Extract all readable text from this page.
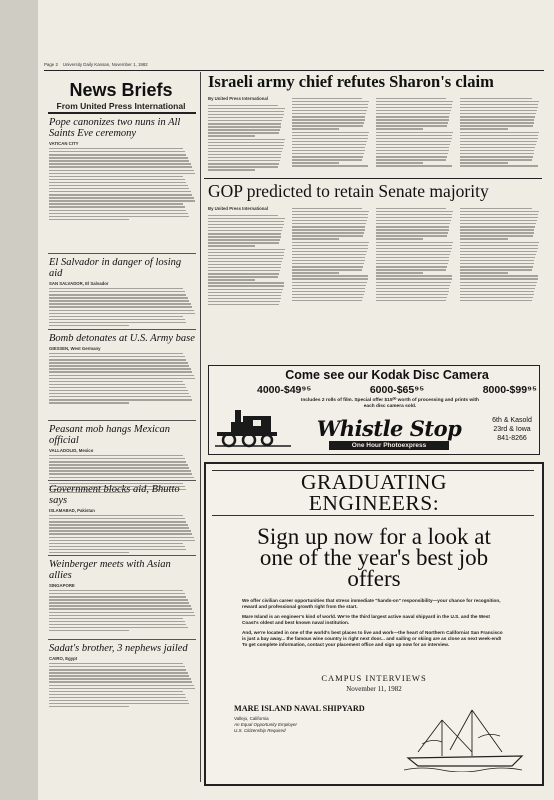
Page 2 University Daily Kansan, November 1, 1982
News Briefs
From United Press International
Pope canonizes two nuns in All Saints Eve ceremony
VATICAN CITY
El Salvador in danger of losing aid
SAN SALVADOR, El Salvador
Bomb detonates at U.S. Army base
GIESSEN, West Germany
Peasant mob hangs Mexican official
VALLADOLID, Mexico
Government blocks aid, Bhutto says
ISLAMABAD, Pakistan
Weinberger meets with Asian allies
SINGAPORE
Sadat's brother, 3 nephews jailed
CAIRO, Egypt
Israeli army chief refutes Sharon's claim
By United Press International
GOP predicted to retain Senate majority
By United Press International
Come see our Kodak Disc Camera
4000-$49⁹⁵	6000-$65⁹⁵	8000-$99⁹⁵
Includes 2 rolls of film. Special offer $15⁰⁰ worth of processing and prints with each disc camera sold.
Whistle Stop
One Hour Photoexpress
6th & Kasold
23rd & Iowa
841-8266
GRADUATING ENGINEERS:
Sign up now for a look at one of the year's best job offers

We offer civilian career opportunities that stress immediate "hands-on" responsibility—your chance for recognition, reward and professional growth right from the start.

Mare Island is an engineer's kind of world. We're the third largest active naval shipyard in the U.S. and the West Coast's oldest and best known naval institution.

And, we're located in one of the world's best places to live and work—the heart of Northern California! San Francisco is just a bay away... the famous wine country is right next door... and sailing or skiing are as close as next week-end! To get complete information, contact your placement office and sign up now for an interview.

CAMPUS INTERVIEWS
November 11, 1982
MARE ISLAND NAVAL SHIPYARD
Vallejo, California
An Equal Opportunity Employer
U.S. Citizenship Required
